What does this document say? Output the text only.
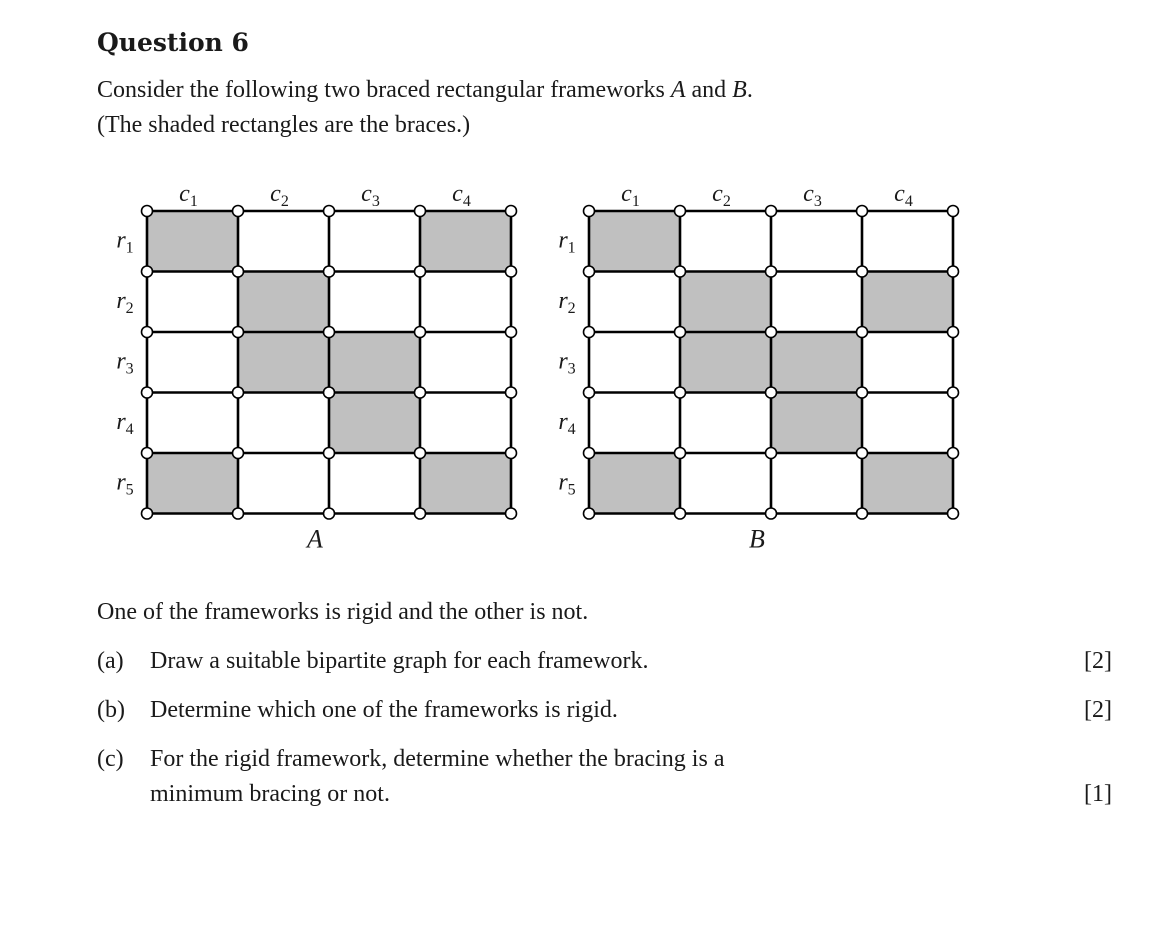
Question 6
Consider the following two braced rectangular frameworks A and B.
(The shaded rectangles are the braces.)
$c_1$	$c_2$	$c_3$	$c_4$
$r_1$
$r_2$
$r_3$
$r_4$
$r_5$
A
$c_1$	$c_2$	$c_3$	$c_4$
$r_1$
$r_2$
$r_3$
$r_4$
$r_5$
B
One of the frameworks is rigid and the other is not.
(a) Draw a suitable bipartite graph for each framework.	[2]
(b) Determine which one of the frameworks is rigid.	[2]
(c) For the rigid framework, determine whether the bracing is a
minimum bracing or not.	[1]
